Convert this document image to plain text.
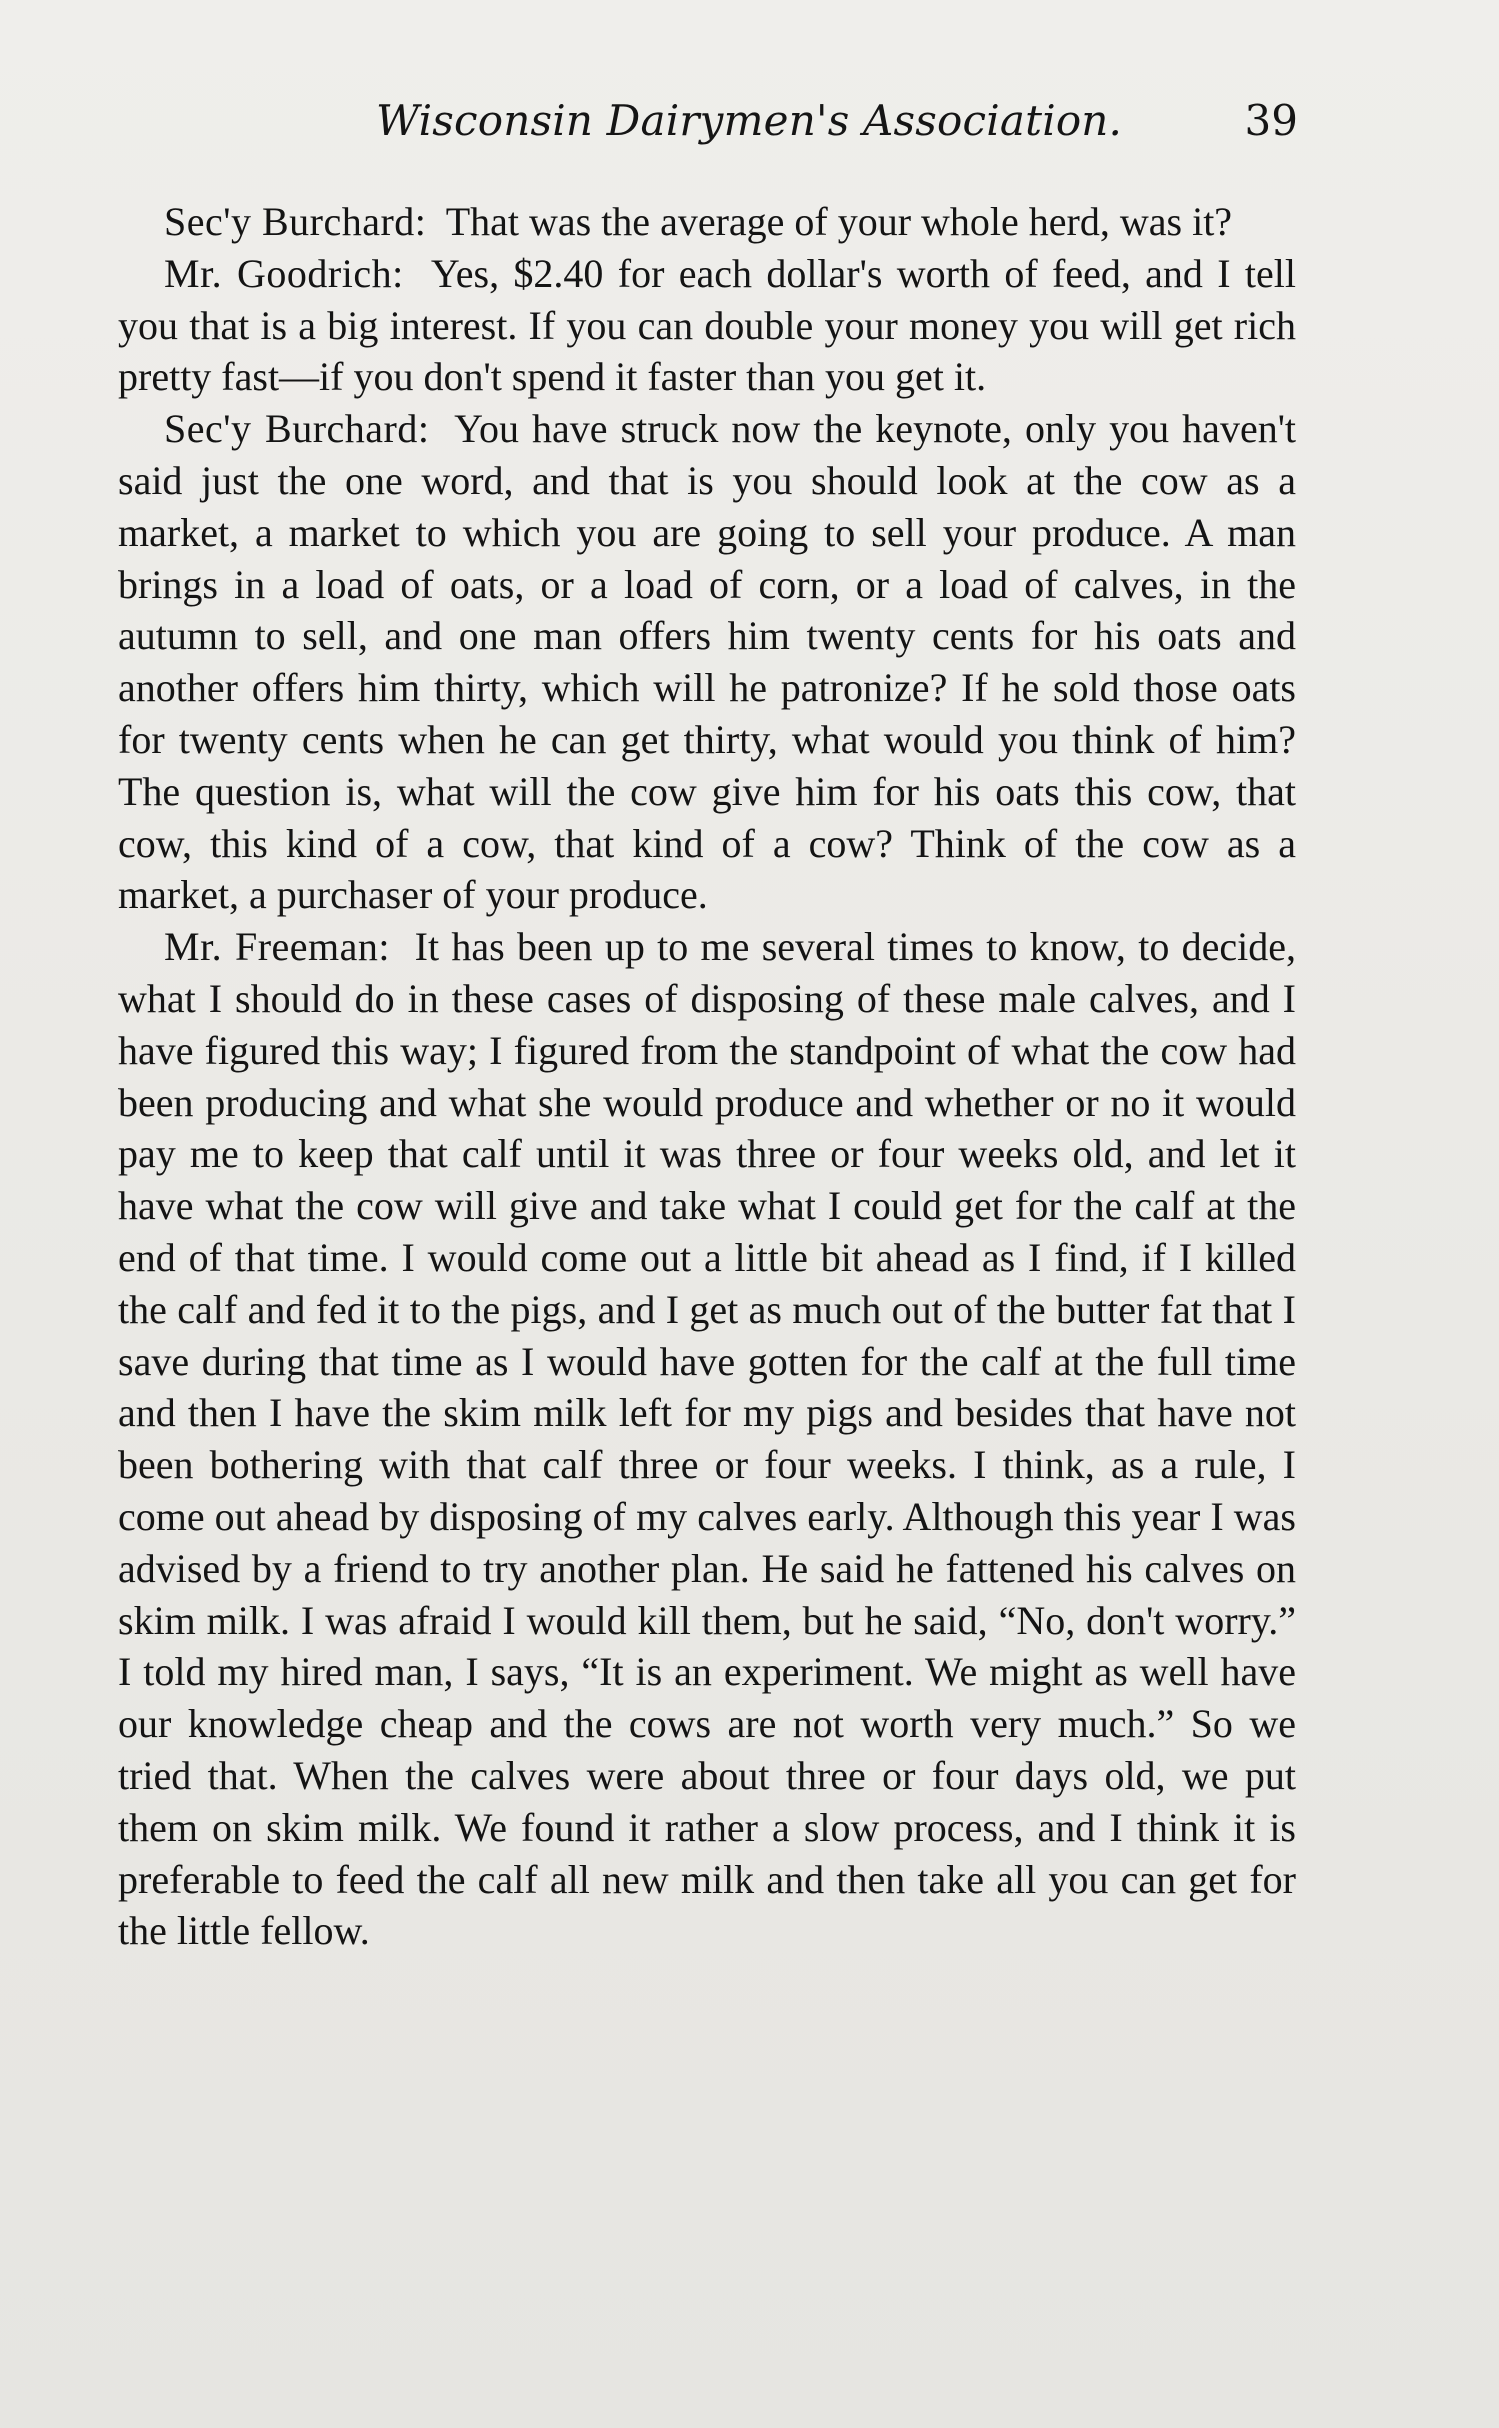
Wisconsin Dairymen's Association.	39

Sec'y Burchard: That was the average of your whole herd, was it?

Mr. Goodrich: Yes, $2.40 for each dollar's worth of feed, and I tell you that is a big interest. If you can double your money you will get rich pretty fast—if you don't spend it faster than you get it.

Sec'y Burchard: You have struck now the keynote, only you haven't said just the one word, and that is you should look at the cow as a market, a market to which you are going to sell your produce. A man brings in a load of oats, or a load of corn, or a load of calves, in the autumn to sell, and one man offers him twenty cents for his oats and another offers him thirty, which will he patronize? If he sold those oats for twenty cents when he can get thirty, what would you think of him? The question is, what will the cow give him for his oats this cow, that cow, this kind of a cow, that kind of a cow? Think of the cow as a market, a purchaser of your produce.

Mr. Freeman: It has been up to me several times to know, to decide, what I should do in these cases of disposing of these male calves, and I have figured this way; I figured from the standpoint of what the cow had been producing and what she would produce and whether or no it would pay me to keep that calf until it was three or four weeks old, and let it have what the cow will give and take what I could get for the calf at the end of that time. I would come out a little bit ahead as I find, if I killed the calf and fed it to the pigs, and I get as much out of the butter fat that I save during that time as I would have gotten for the calf at the full time and then I have the skim milk left for my pigs and besides that have not been bothering with that calf three or four weeks. I think, as a rule, I come out ahead by disposing of my calves early. Although this year I was advised by a friend to try another plan. He said he fattened his calves on skim milk. I was afraid I would kill them, but he said, “No, don't worry.” I told my hired man, I says, “It is an experiment. We might as well have our knowledge cheap and the cows are not worth very much.” So we tried that. When the calves were about three or four days old, we put them on skim milk. We found it rather a slow process, and I think it is preferable to feed the calf all new milk and then take all you can get for the little fellow.
